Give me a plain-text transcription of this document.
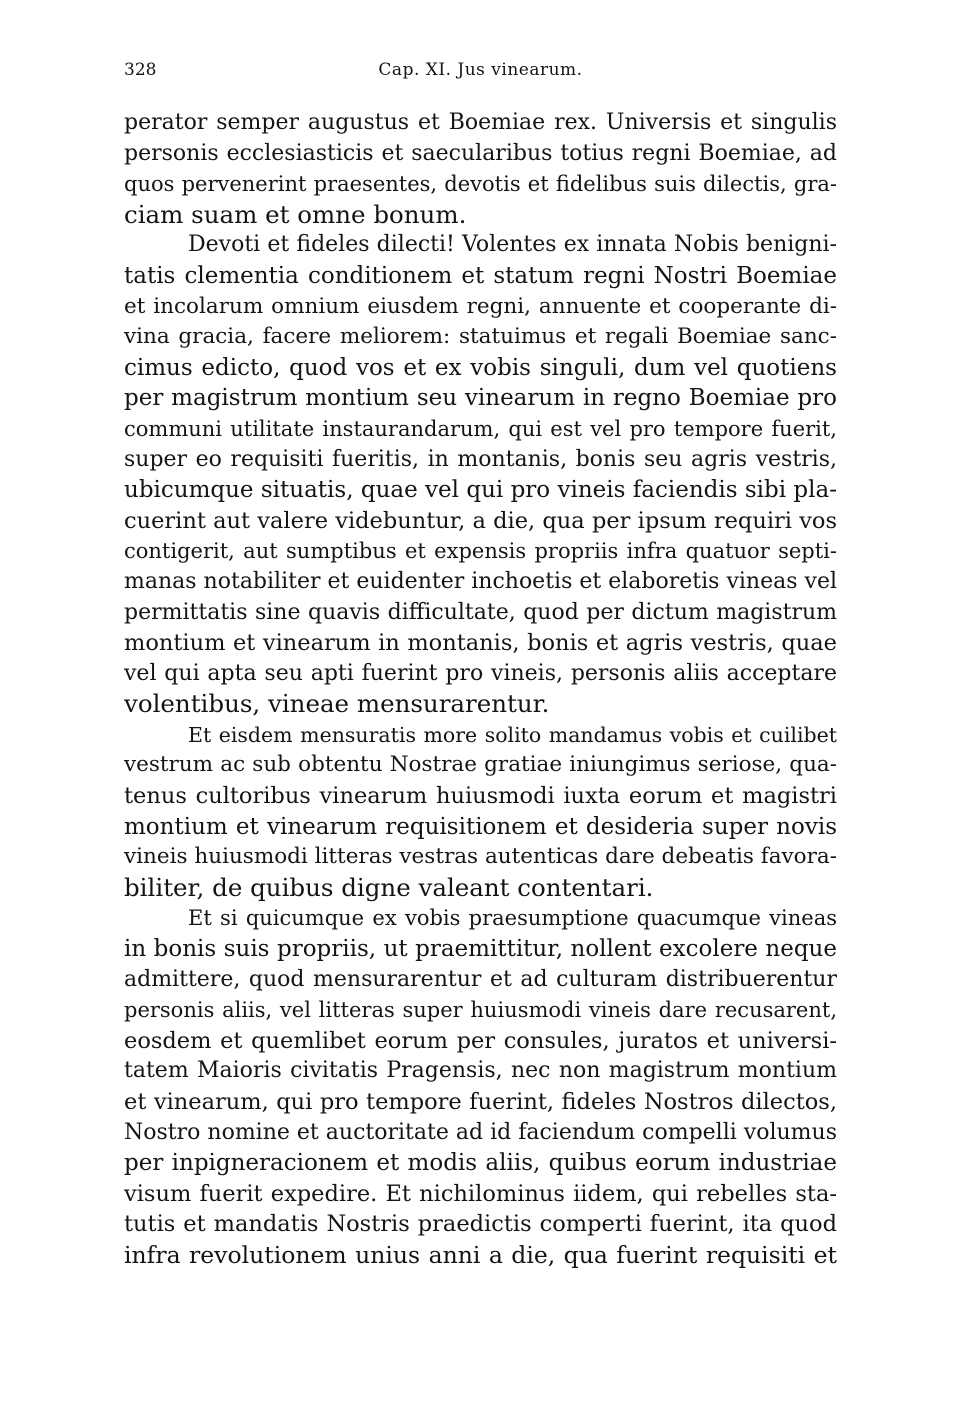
328	Cap. XI. Jus vinearum.
perator semper augustus et Boemiae rex. Universis et singulis
personis ecclesiasticis et saecularibus totius regni Boemiae, ad
quos pervenerint praesentes, devotis et fidelibus suis dilectis, gra-
ciam suam et omne bonum.
Devoti et fideles dilecti! Volentes ex innata Nobis benigni-
tatis clementia conditionem et statum regni Nostri Boemiae
et incolarum omnium eiusdem regni, annuente et cooperante di-
vina gracia, facere meliorem: statuimus et regali Boemiae sanc-
cimus edicto, quod vos et ex vobis singuli, dum vel quotiens
per magistrum montium seu vinearum in regno Boemiae pro
communi utilitate instaurandarum, qui est vel pro tempore fuerit,
super eo requisiti fueritis, in montanis, bonis seu agris vestris,
ubicumque situatis, quae vel qui pro vineis faciendis sibi pla-
cuerint aut valere videbuntur, a die, qua per ipsum requiri vos
contigerit, aut sumptibus et expensis propriis infra quatuor septi-
manas notabiliter et euidenter inchoetis et elaboretis vineas vel
permittatis sine quavis difficultate, quod per dictum magistrum
montium et vinearum in montanis, bonis et agris vestris, quae
vel qui apta seu apti fuerint pro vineis, personis aliis acceptare
volentibus, vineae mensurarentur.
Et eisdem mensuratis more solito mandamus vobis et cuilibet
vestrum ac sub obtentu Nostrae gratiae iniungimus seriose, qua-
tenus cultoribus vinearum huiusmodi iuxta eorum et magistri
montium et vinearum requisitionem et desideria super novis
vineis huiusmodi litteras vestras autenticas dare debeatis favora-
biliter, de quibus digne valeant contentari.
Et si quicumque ex vobis praesumptione quacumque vineas
in bonis suis propriis, ut praemittitur, nollent excolere neque
admittere, quod mensurarentur et ad culturam distribuerentur
personis aliis, vel litteras super huiusmodi vineis dare recusarent,
eosdem et quemlibet eorum per consules, juratos et universi-
tatem Maioris civitatis Pragensis, nec non magistrum montium
et vinearum, qui pro tempore fuerint, fideles Nostros dilectos,
Nostro nomine et auctoritate ad id faciendum compelli volumus
per inpigneracionem et modis aliis, quibus eorum industriae
visum fuerit expedire. Et nichilominus iidem, qui rebelles sta-
tutis et mandatis Nostris praedictis comperti fuerint, ita quod
infra revolutionem unius anni a die, qua fuerint requisiti et
